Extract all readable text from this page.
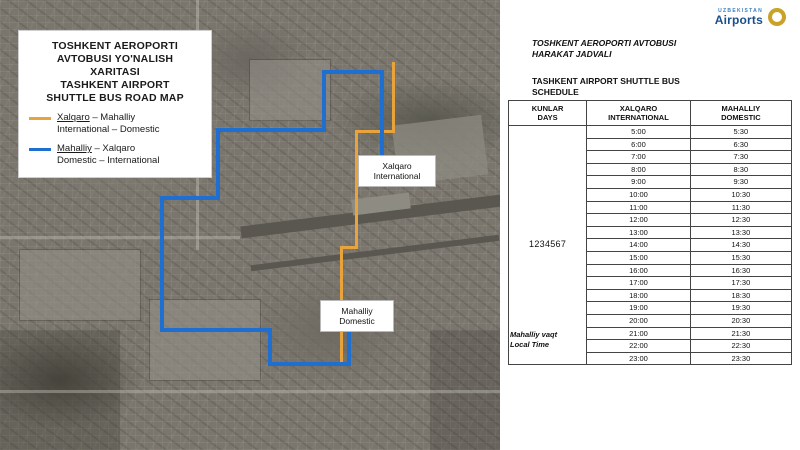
TOSHKENT AEROPORTI
AVTOBUSI YO'NALISH
XARITASI
TASHKENT AIRPORT
SHUTTLE BUS ROAD MAP
Xalqaro – Mahalliy
International – Domestic
Mahalliy – Xalqaro
Domestic – International	Xalqaro
International
Mahalliy
Domestic
UZBEKISTAN
Airports
TOSHKENT AEROPORTI AVTOBUSI
HARAKAT JADVALI
TASHKENT AIRPORT SHUTTLE BUS
SCHEDULE
KUNLAR
DAYS

XALQARO
INTERNATIONAL

MAHALLIY
DOMESTIC

1234567	5:00	5:30
	6:00	6:30
	7:00	7:30
	8:00	8:30
	9:00	9:30
	10:00	10:30
	11:00	11:30
	12:00	12:30
	13:00	13:30
	14:00	14:30
	15:00	15:30
	16:00	16:30
	17:00	17:30
	18:00	18:30
	19:00	19:30
	20:00	20:30
	21:00	21:30
	22:00	22:30
	23:00	23:30
Mahalliy vaqt
Local Time
